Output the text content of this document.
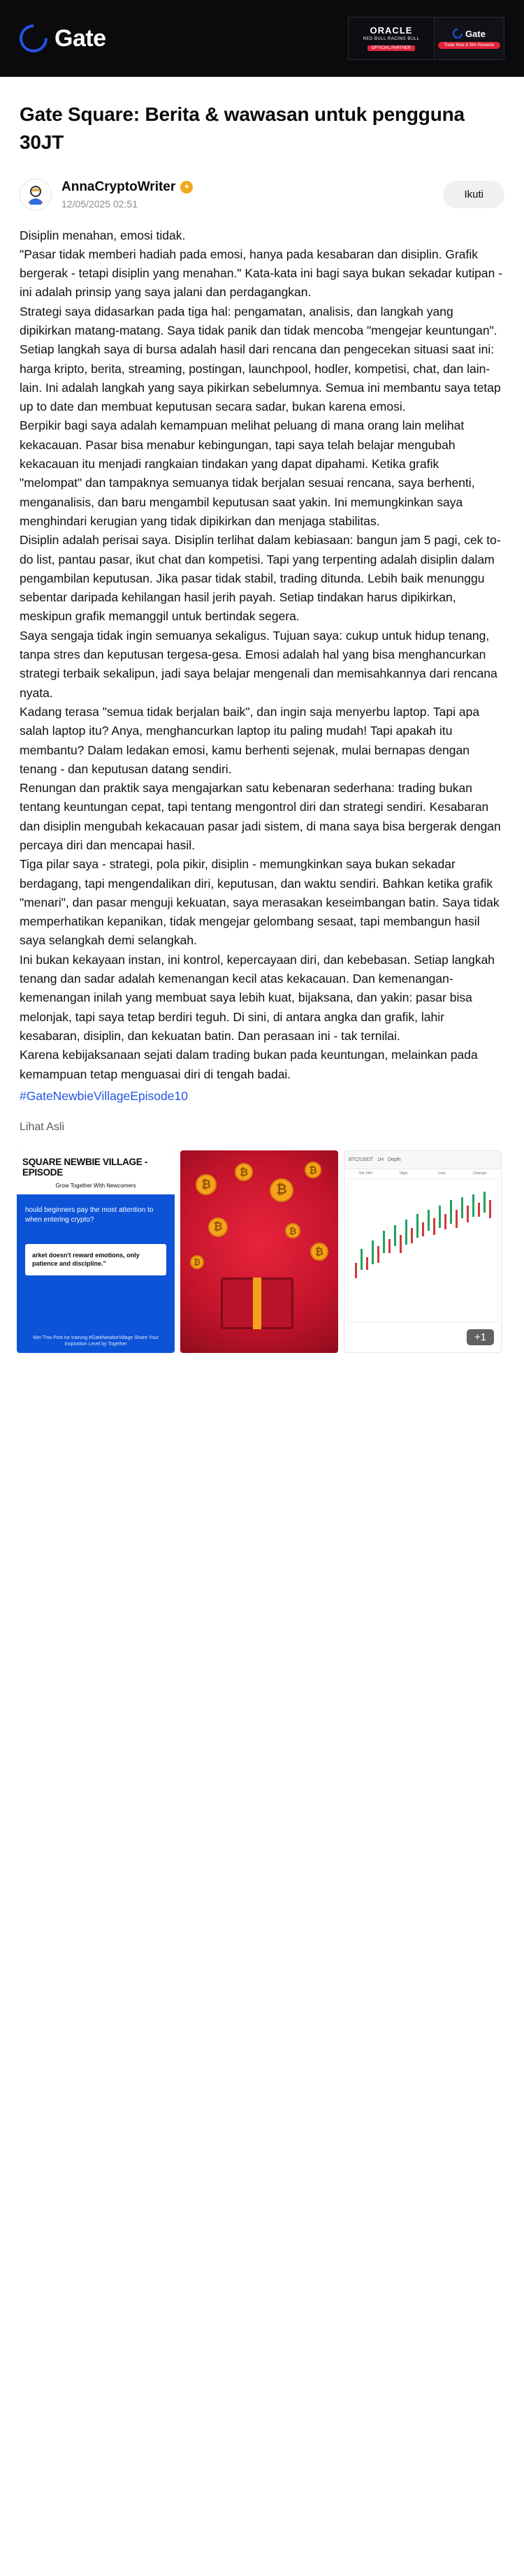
Gate	ORACLE
RED BULL RACING BULL
OFFICIAL PARTNER
Gate
Trade Now & Win Rewards
Gate Square: Berita & wawasan untuk pengguna 30JT
AnnaCryptoWriter	✦
12/05/2025 02:51
Ikuti

Disiplin menahan, emosi tidak.

"Pasar tidak memberi hadiah pada emosi, hanya pada kesabaran dan disiplin. Grafik bergerak - tetapi disiplin yang menahan." Kata-kata ini bagi saya bukan sekadar kutipan - ini adalah prinsip yang saya jalani dan perdagangkan.

Strategi saya didasarkan pada tiga hal: pengamatan, analisis, dan langkah yang dipikirkan matang-matang. Saya tidak panik dan tidak mencoba "mengejar keuntungan". Setiap langkah saya di bursa adalah hasil dari rencana dan pengecekan situasi saat ini: harga kripto, berita, streaming, postingan, launchpool, hodler, kompetisi, chat, dan lain-lain. Ini adalah langkah yang saya pikirkan sebelumnya. Semua ini membantu saya tetap up to date dan membuat keputusan secara sadar, bukan karena emosi.

Berpikir bagi saya adalah kemampuan melihat peluang di mana orang lain melihat kekacauan. Pasar bisa menabur kebingungan, tapi saya telah belajar mengubah kekacauan itu menjadi rangkaian tindakan yang dapat dipahami. Ketika grafik "melompat" dan tampaknya semuanya tidak berjalan sesuai rencana, saya berhenti, menganalisis, dan baru mengambil keputusan saat yakin. Ini memungkinkan saya menghindari kerugian yang tidak dipikirkan dan menjaga stabilitas.

Disiplin adalah perisai saya. Disiplin terlihat dalam kebiasaan: bangun jam 5 pagi, cek to-do list, pantau pasar, ikut chat dan kompetisi. Tapi yang terpenting adalah disiplin dalam pengambilan keputusan. Jika pasar tidak stabil, trading ditunda. Lebih baik menunggu sebentar daripada kehilangan hasil jerih payah. Setiap tindakan harus dipikirkan, meskipun grafik memanggil untuk bertindak segera.

Saya sengaja tidak ingin semuanya sekaligus. Tujuan saya: cukup untuk hidup tenang, tanpa stres dan keputusan tergesa-gesa. Emosi adalah hal yang bisa menghancurkan strategi terbaik sekalipun, jadi saya belajar mengenali dan memisahkannya dari rencana nyata.

Kadang terasa "semua tidak berjalan baik", dan ingin saja menyerbu laptop. Tapi apa salah laptop itu? Anya, menghancurkan laptop itu paling mudah! Tapi apakah itu membantu? Dalam ledakan emosi, kamu berhenti sejenak, mulai bernapas dengan tenang - dan keputusan datang sendiri.

Renungan dan praktik saya mengajarkan satu kebenaran sederhana: trading bukan tentang keuntungan cepat, tapi tentang mengontrol diri dan strategi sendiri. Kesabaran dan disiplin mengubah kekacauan pasar jadi sistem, di mana saya bisa bergerak dengan percaya diri dan mencapai hasil.

Tiga pilar saya - strategi, pola pikir, disiplin - memungkinkan saya bukan sekadar berdagang, tapi mengendalikan diri, keputusan, dan waktu sendiri. Bahkan ketika grafik "menari", dan pasar menguji kekuatan, saya merasakan keseimbangan batin. Saya tidak memperhatikan kepanikan, tidak mengejar gelombang sesaat, tapi membangun hasil saya selangkah demi selangkah.

Ini bukan kekayaan instan, ini kontrol, kepercayaan diri, dan kebebasan. Setiap langkah tenang dan sadar adalah kemenangan kecil atas kekacauan. Dan kemenangan-kemenangan inilah yang membuat saya lebih kuat, bijaksana, dan yakin: pasar bisa melonjak, tapi saya tetap berdiri teguh. Di sini, di antara angka dan grafik, lahir kesabaran, disiplin, dan kekuatan batin. Dan perasaan ini - tak ternilai.

Karena kebijaksanaan sejati dalam trading bukan pada keuntungan, melainkan pada kemampuan tetap menguasai diri di tengah badai.

#GateNewbieVillageEpisode10
Lihat Asli
SQUARE NEWBIE VILLAGE - EPISODE
Grow Together With Newcomers
hould beginners pay the most attention to when entering crypto?
arket doesn't reward emotions, only patience and discipline."
Win This Post for training #GateNewbieVillage Share Your Inspiration Level by Together
₿
₿
₿
₿
₿	₿
₿
₿
BTC/USDT 1H Depth
Vol 24H	High	Low	Change
+1
